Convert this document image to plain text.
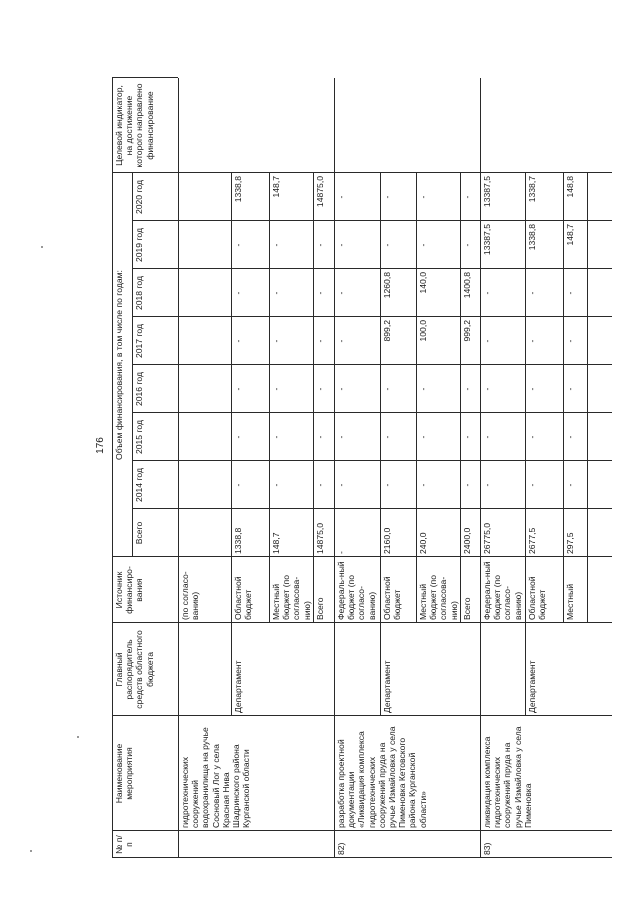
№ п/п
Наименование мероприятия
Главный распорядитель средств областного бюджета
Источник финансиро-вания
Объем финансирования, в том числе по годам:
Всего
2014 год
2015 год
2016 год
2017 год
2018 год
2019 год
2020 год
Целевой индикатор, на достижение которого направлено финансирование
гидротехнических сооружений водохранилища на ручье Сосновый Лог у села Красная Нива Шадринского района Курганской области
(по согласо-ванию)
Департамент
Областной бюджет
1338,8
-
-
-
-
-
-
1338,8
Местный бюджет (по согласова-нию)
148,7
-
-
-
-
-
-
148,7
Всего
14875,0
-
-
-
-
-
-
14875,0
82)
разработка проектной документации «Ликвидация комплекса гидротехнических сооружений пруда на ручье Измайловка у села Пименовка Кетовского района Курганской области»
Федераль-ный бюджет (по согласо-ванию)
-
-
-
-
-
-
-
-
Департамент
Областной бюджет
2160,0
-
-
-
899,2
1260,8
-
-
Местный бюджет (по согласова-нию)
240,0
-
-
-
100,0
140,0
-
-
Всего
2400,0
-
-
-
999,2
1400,8
-
-
83)
ликвидация комплекса гидротехнических сооружений пруда на ручье Измайловка у села Пименовка
Федераль-ный бюджет (по согласо-ванию)
26775,0
-
-
-
-
-
13387,5
13387,5
Департамент
Областной бюджет
2677,5
-
-
-
-
-
1338,8
1338,7
Местный
297,5
-
-
-
-
-
148,7
148,8
176
